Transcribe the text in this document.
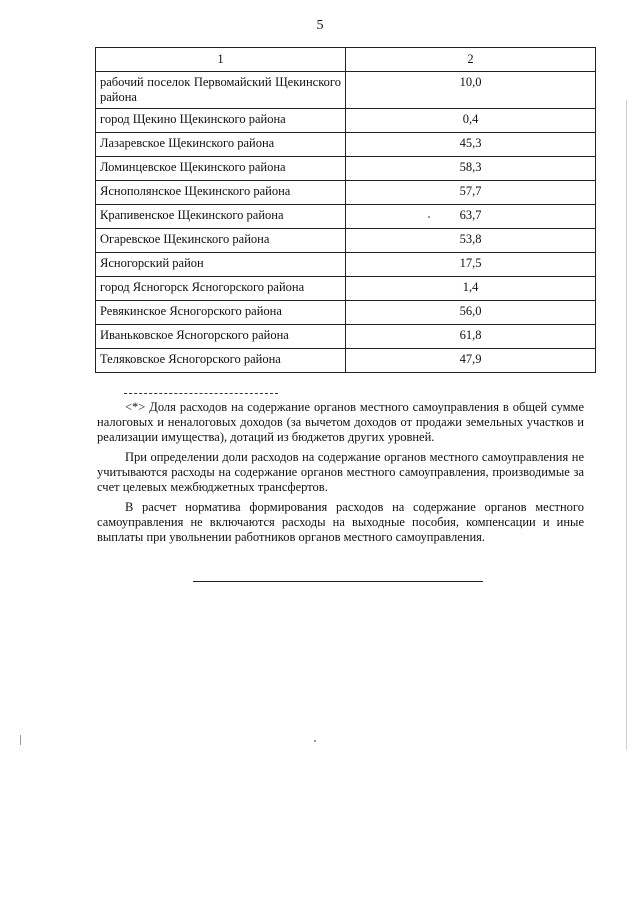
5
1	2
рабочий поселок Первомайский Щекинского района	10,0
город Щекино Щекинского района	0,4
Лазаревское Щекинского района	45,3
Ломинцевское Щекинского района	58,3
Яснополянское Щекинского района	57,7
Крапивенское Щекинского района	63,7
Огаревское Щекинского района	53,8
Ясногорский район	17,5
город Ясногорск Ясногорского района	1,4
Ревякинское Ясногорского района	56,0
Иваньковское Ясногорского района	61,8
Теляковское Ясногорского района	47,9

<*> Доля расходов на содержание органов местного самоуправления в общей сумме налоговых и неналоговых доходов (за вычетом доходов от продажи земельных участков и реализации имущества), дотаций из бюджетов других уровней.

При определении доли расходов на содержание органов местного самоуправления не учитываются расходы на содержание органов местного самоуправления, производимые за счет целевых межбюджетных трансфертов.

В расчет норматива формирования расходов на содержание органов местного самоуправления не включаются расходы на выходные пособия, компенсации и иные выплаты при увольнении работников органов местного самоуправления.
